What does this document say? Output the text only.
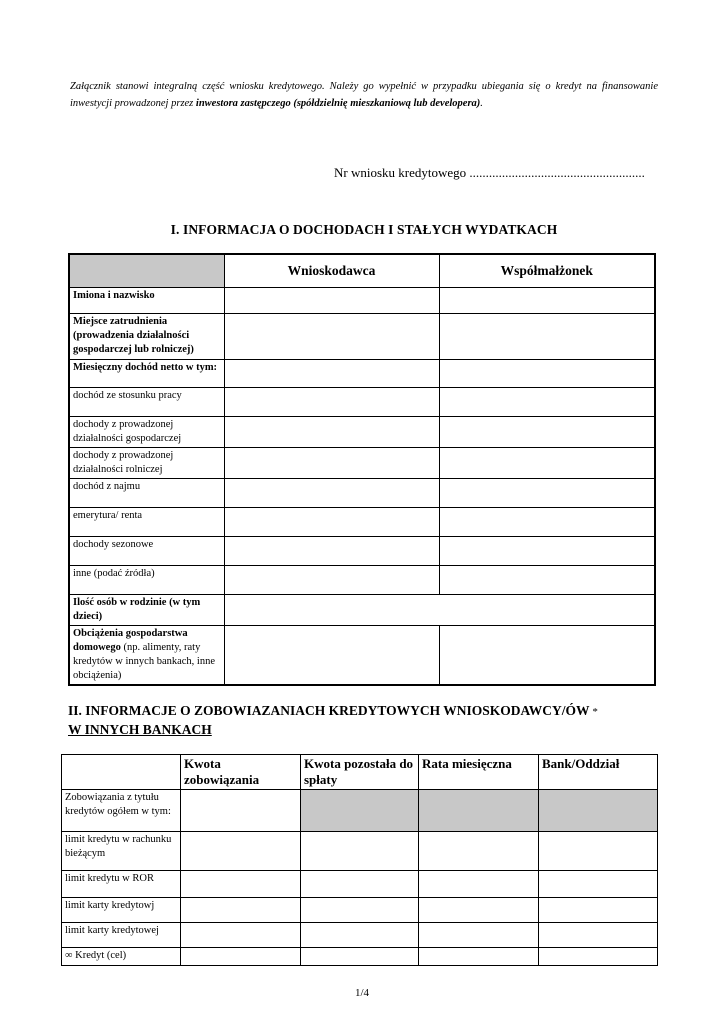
Załącznik stanowi integralną część wniosku kredytowego. Należy go wypełnić w przypadku ubiegania się o kredyt na finansowanie inwestycji prowadzonej przez inwestora zastępczego (spółdzielnię mieszkaniową lub developera).
Nr wniosku kredytowego ......................................................
I. INFORMACJA O DOCHODACH I STAŁYCH WYDATKACH
	Wnioskodawca	Współmałżonek
Imiona i nazwisko		
Miejsce zatrudnienia (prowadzenia działalności gospodarczej lub rolniczej)		
Miesięczny dochód netto w tym:		
dochód ze stosunku pracy		
dochody z prowadzonej działalności gospodarczej		
dochody z prowadzonej działalności rolniczej		
dochód z najmu		
emerytura/ renta		
dochody sezonowe		
inne (podać źródła)		
Ilość osób w rodzinie (w tym dzieci)		
Obciążenia gospodarstwa domowego (np. alimenty, raty kredytów w innych bankach, inne obciążenia)		
II. INFORMACJE O ZOBOWIAZANIACH KREDYTOWYCH WNIOSKODAWCY/ÓW *
W INNYCH BANKACH
	Kwota zobowiązania	Kwota pozostała do spłaty	Rata miesięczna	Bank/Oddział
Zobowiązania z tytułu kredytów ogółem w tym:				
limit kredytu w rachunku bieżącym				
limit kredytu w ROR				
limit karty kredytowj				
limit karty kredytowej				
∞ Kredyt (cel)				
1/4
